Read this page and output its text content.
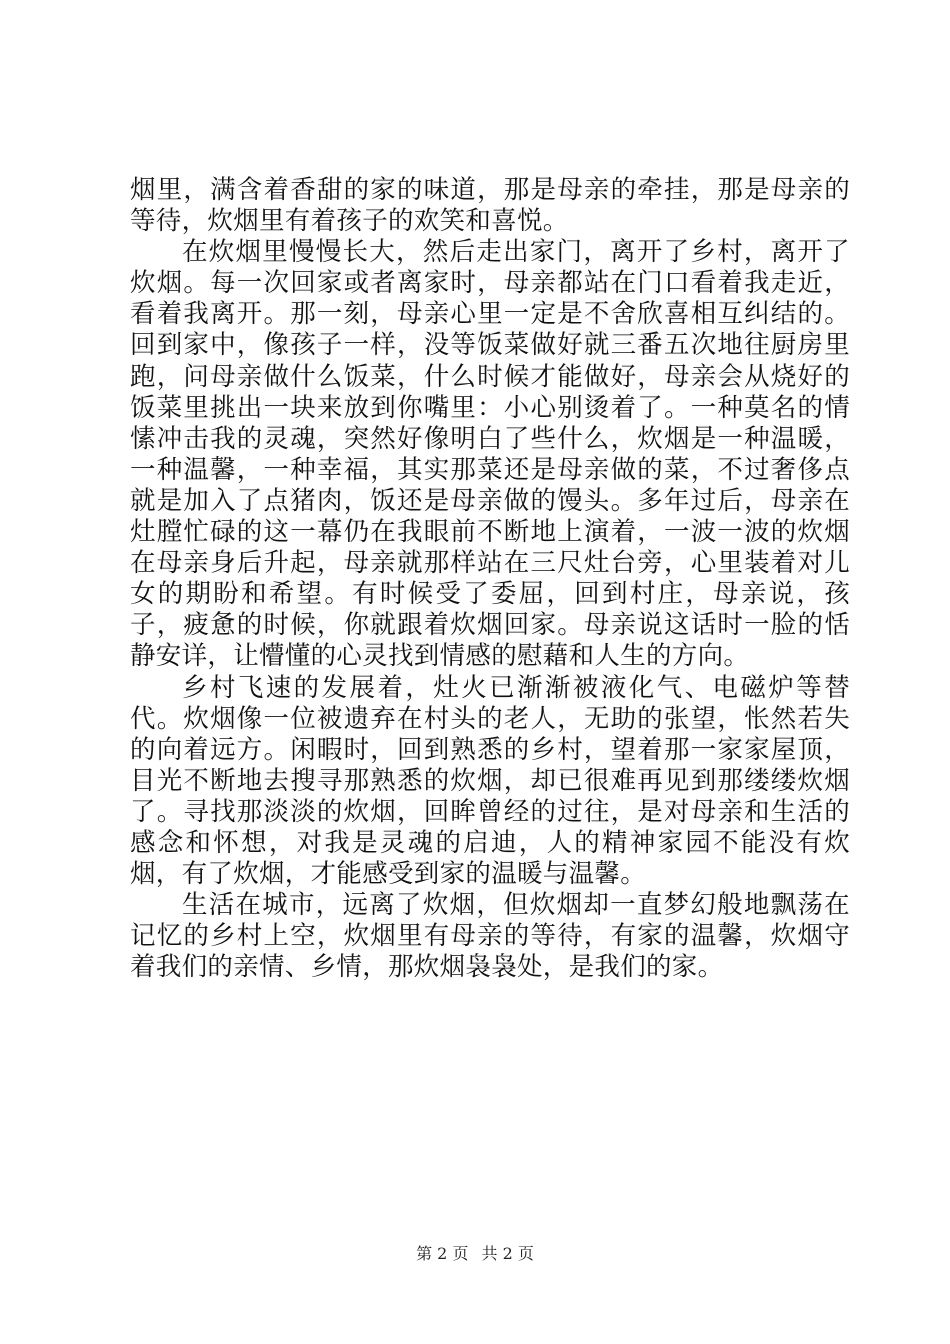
烟里，满含着香甜的家的味道，那是母亲的牵挂，那是母亲的等待，炊烟里有着孩子的欢笑和喜悦。

在炊烟里慢慢长大，然后走出家门，离开了乡村，离开了炊烟。每一次回家或者离家时，母亲都站在门口看着我走近，看着我离开。那一刻，母亲心里一定是不舍欣喜相互纠结的。回到家中，像孩子一样，没等饭菜做好就三番五次地往厨房里跑，问母亲做什么饭菜，什么时候才能做好，母亲会从烧好的饭菜里挑出一块来放到你嘴里：小心别烫着了。一种莫名的情愫冲击我的灵魂，突然好像明白了些什么，炊烟是一种温暖，一种温馨，一种幸福，其实那菜还是母亲做的菜，不过奢侈点就是加入了点猪肉，饭还是母亲做的馒头。多年过后，母亲在灶膛忙碌的这一幕仍在我眼前不断地上演着，一波一波的炊烟在母亲身后升起，母亲就那样站在三尺灶台旁，心里装着对儿女的期盼和希望。有时候受了委屈，回到村庄，母亲说，孩子，疲惫的时候，你就跟着炊烟回家。母亲说这话时一脸的恬静安详，让懵懂的心灵找到情感的慰藉和人生的方向。

乡村飞速的发展着，灶火已渐渐被液化气、电磁炉等替代。炊烟像一位被遗弃在村头的老人，无助的张望，怅然若失的向着远方。闲暇时，回到熟悉的乡村，望着那一家家屋顶，目光不断地去搜寻那熟悉的炊烟，却已很难再见到那缕缕炊烟了。寻找那淡淡的炊烟，回眸曾经的过往，是对母亲和生活的感念和怀想，对我是灵魂的启迪，人的精神家园不能没有炊烟，有了炊烟，才能感受到家的温暖与温馨。

生活在城市，远离了炊烟，但炊烟却一直梦幻般地飘荡在记忆的乡村上空，炊烟里有母亲的等待，有家的温馨，炊烟守着我们的亲情、乡情，那炊烟袅袅处，是我们的家。

第 2 页 共 2 页
